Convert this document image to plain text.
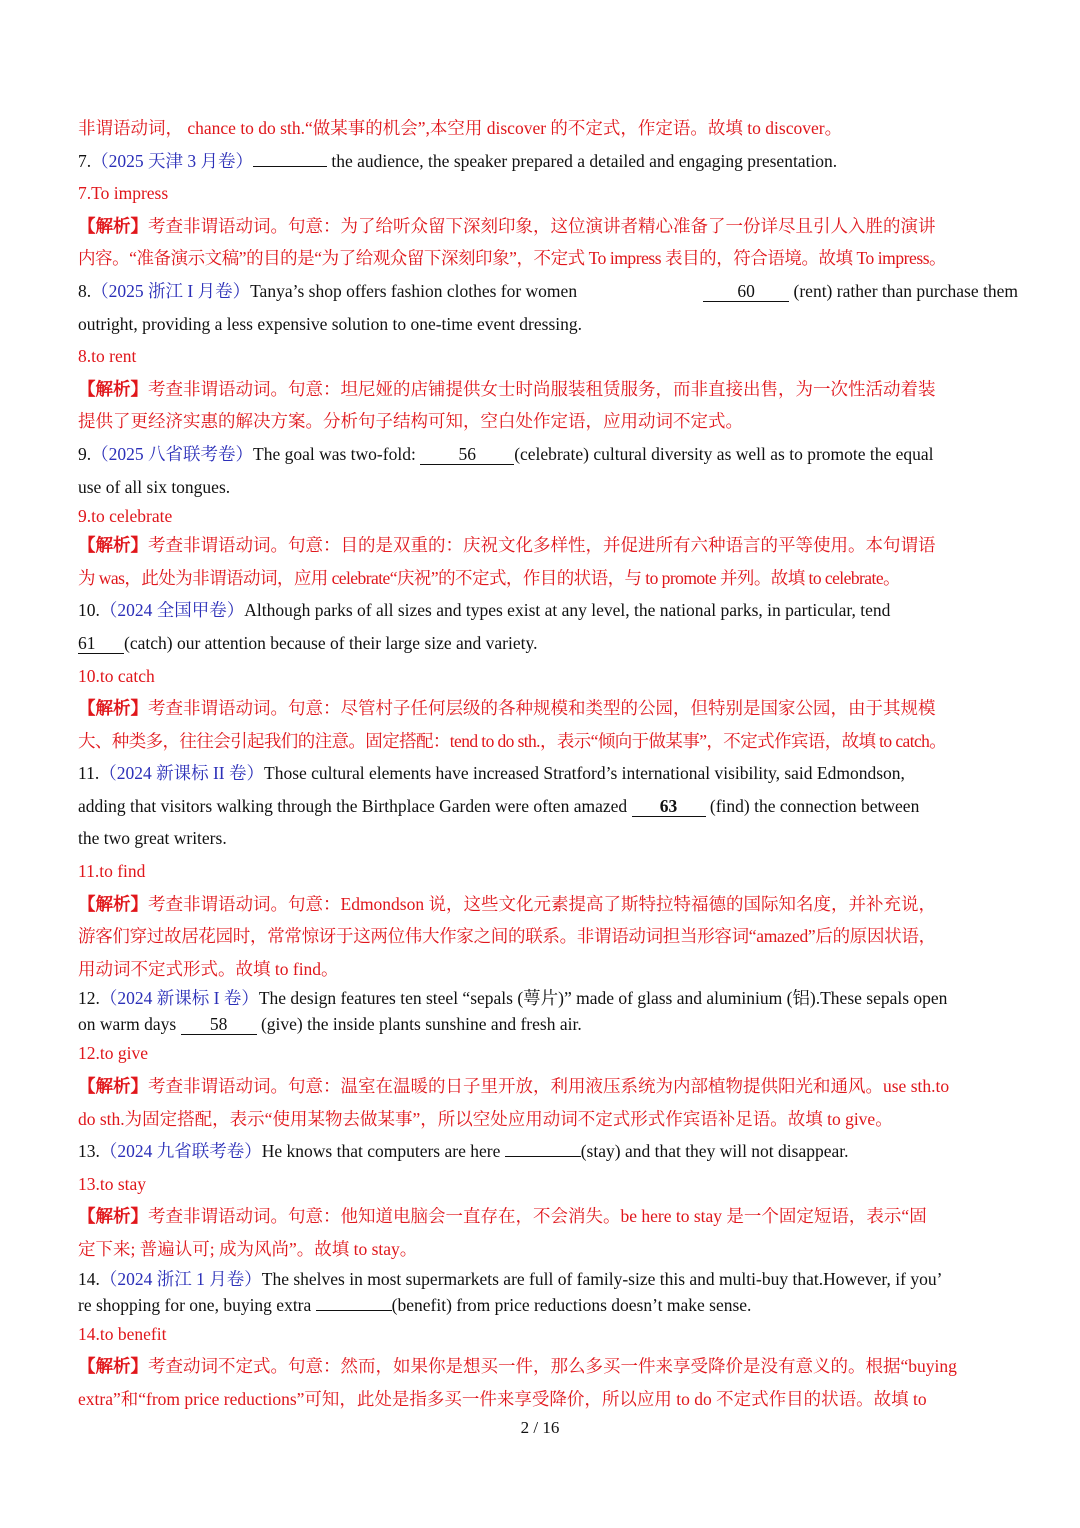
非谓语动词， chance to do sth.“做某事的机会”,本空用 discover 的不定式，作定语。故填 to discover。
7.（2025 天津 3 月卷）	the audience, the speaker prepared a detailed and engaging presentation.
7.To impress
【解析】考查非谓语动词。句意：为了给听众留下深刻印象，这位演讲者精心准备了一份详尽且引人入胜的演讲
内容。“准备演示文稿”的目的是“为了给观众留下深刻印象”，不定式 To impress 表目的，符合语境。故填 To impress。
8.（2025 浙江 I 月卷）Tanya’s shop offers fashion clothes for women	60 (rent) rather than purchase them
outright, providing a less expensive solution to one-time event dressing.
8.to rent
【解析】考查非谓语动词。句意：坦尼娅的店铺提供女士时尚服装租赁服务，而非直接出售，为一次性活动着装
提供了更经济实惠的解决方案。分析句子结构可知，空白处作定语，应用动词不定式。
9.（2025 八省联考卷）The goal was two-fold: 56 (celebrate) cultural diversity as well as to promote the equal
use of all six tongues.
9.to celebrate
【解析】考查非谓语动词。句意：目的是双重的：庆祝文化多样性，并促进所有六种语言的平等使用。本句谓语
为 was，此处为非谓语动词，应用 celebrate“庆祝”的不定式，作目的状语，与 to promote 并列。故填 to celebrate。
10.（2024 全国甲卷）Although parks of all sizes and types exist at any level, the national parks, in particular, tend
61 (catch) our attention because of their large size and variety.
10.to catch
【解析】考查非谓语动词。句意：尽管村子任何层级的各种规模和类型的公园，但特别是国家公园，由于其规模
大、种类多，往往会引起我们的注意。固定搭配：tend to do sth.，表示“倾向于做某事”，不定式作宾语，故填 to catch。
11.（2024 新课标 II 卷）Those cultural elements have increased Stratford’s international visibility, said Edmondson,
adding that visitors walking through the Birthplace Garden were often amazed 63 (find) the connection between
the two great writers.
11.to find
【解析】考查非谓语动词。句意：Edmondson 说，这些文化元素提高了斯特拉特福德的国际知名度，并补充说，
游客们穿过故居花园时，常常惊讶于这两位伟大作家之间的联系。非谓语动词担当形容词“amazed”后的原因状语，
用动词不定式形式。故填 to find。
12.（2024 新课标 I 卷）The design features ten steel “sepals (萼片)” made of glass and aluminium (铝).These sepals open
on warm days 58 (give) the inside plants sunshine and fresh air.
12.to give
【解析】考查非谓语动词。句意：温室在温暖的日子里开放，利用液压系统为内部植物提供阳光和通风。use sth.to
do sth.为固定搭配，表示“使用某物去做某事”，所以空处应用动词不定式形式作宾语补足语。故填 to give。
13.（2024 九省联考卷）He knows that computers are here	(stay) and that they will not disappear.
13.to stay
【解析】考查非谓语动词。句意：他知道电脑会一直存在，不会消失。be here to stay 是一个固定短语，表示“固
定下来; 普遍认可; 成为风尚”。故填 to stay。
14.（2024 浙江 1 月卷）The shelves in most supermarkets are full of family-size this and multi-buy that.However, if you’
re shopping for one, buying extra	(benefit) from price reductions doesn’t make sense.
14.to benefit
【解析】考查动词不定式。句意：然而，如果你是想买一件，那么多买一件来享受降价是没有意义的。根据“buying
extra”和“from price reductions”可知，此处是指多买一件来享受降价，所以应用 to do 不定式作目的状语。故填 to
2 / 16
